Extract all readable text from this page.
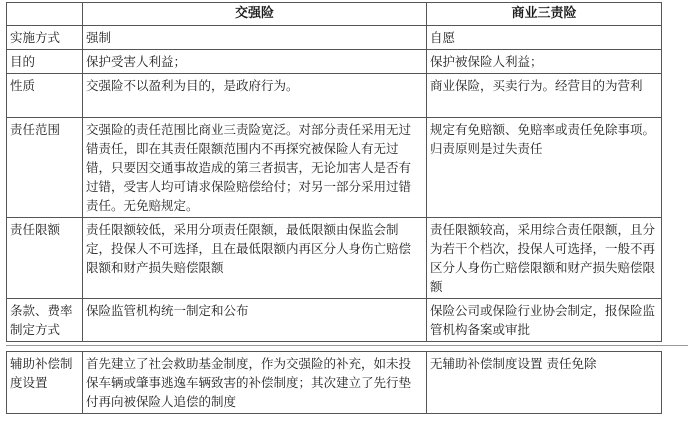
	交强险	商业三责险
实施方式	强制	自愿
目的	保护受害人利益；	保护被保险人利益；
性质	交强险不以盈利为目的，是政府行为。	商业保险，买卖行为。经营目的为营利
责任范围	交强险的责任范围比商业三责险宽泛。对部分责任采用无过错责任，即在其责任限额范围内不再探究被保险人有无过错，只要因交通事故造成的第三者损害，无论加害人是否有过错，受害人均可请求保险赔偿给付；对另一部分采用过错责任。无免赔规定。	规定有免赔额、免赔率或责任免除事项。归责原则是过失责任
责任限额	责任限额较低，采用分项责任限额，最低限额由保监会制定，投保人不可选择，且在最低限额内再区分人身伤亡赔偿限额和财产损失赔偿限额	责任限额较高，采用综合责任限额，且分为若干个档次，投保人可选择，一般不再区分人身伤亡赔偿限额和财产损失赔偿限额
条款、费率制定方式	保险监管机构统一制定和公布	保险公司或保险行业协会制定，报保险监管机构备案或审批
辅助补偿制度设置	首先建立了社会救助基金制度，作为交强险的补充，如未投保车辆或肇事逃逸车辆致害的补偿制度；其次建立了先行垫付再向被保险人追偿的制度	无辅助补偿制度设置 责任免除
